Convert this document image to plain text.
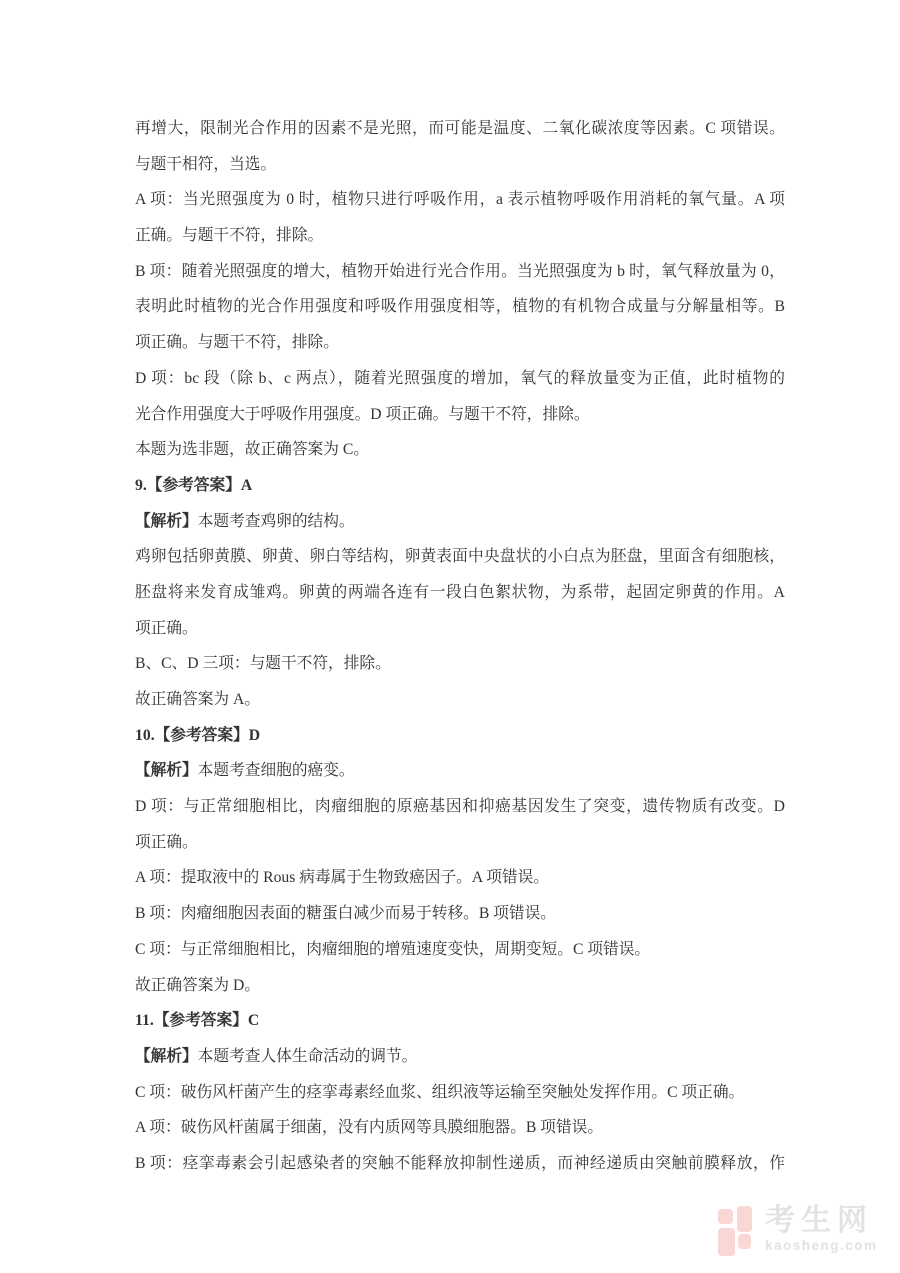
再增大，限制光合作用的因素不是光照，而可能是温度、二氧化碳浓度等因素。C 项错误。
与题干相符，当选。
A 项：当光照强度为 0 时，植物只进行呼吸作用，a 表示植物呼吸作用消耗的氧气量。A 项
正确。与题干不符，排除。
B 项：随着光照强度的增大，植物开始进行光合作用。当光照强度为 b 时，氧气释放量为 0，
表明此时植物的光合作用强度和呼吸作用强度相等，植物的有机物合成量与分解量相等。B
项正确。与题干不符，排除。
D 项：bc 段（除 b、c 两点），随着光照强度的增加，氧气的释放量变为正值，此时植物的
光合作用强度大于呼吸作用强度。D 项正确。与题干不符，排除。
本题为选非题，故正确答案为 C。
9.【参考答案】A
【解析】本题考查鸡卵的结构。
鸡卵包括卵黄膜、卵黄、卵白等结构，卵黄表面中央盘状的小白点为胚盘，里面含有细胞核，
胚盘将来发育成雏鸡。卵黄的两端各连有一段白色絮状物，为系带，起固定卵黄的作用。A
项正确。
B、C、D 三项：与题干不符，排除。
故正确答案为 A。
10.【参考答案】D
【解析】本题考查细胞的癌变。
D 项：与正常细胞相比，肉瘤细胞的原癌基因和抑癌基因发生了突变，遗传物质有改变。D
项正确。
A 项：提取液中的 Rous 病毒属于生物致癌因子。A 项错误。
B 项：肉瘤细胞因表面的糖蛋白减少而易于转移。B 项错误。
C 项：与正常细胞相比，肉瘤细胞的增殖速度变快，周期变短。C 项错误。
故正确答案为 D。
11.【参考答案】C
【解析】本题考查人体生命活动的调节。
C 项：破伤风杆菌产生的痉挛毒素经血浆、组织液等运输至突触处发挥作用。C 项正确。
A 项：破伤风杆菌属于细菌，没有内质网等具膜细胞器。B 项错误。
B 项：痉挛毒素会引起感染者的突触不能释放抑制性递质，而神经递质由突触前膜释放，作
考生网
kaosheng.com
